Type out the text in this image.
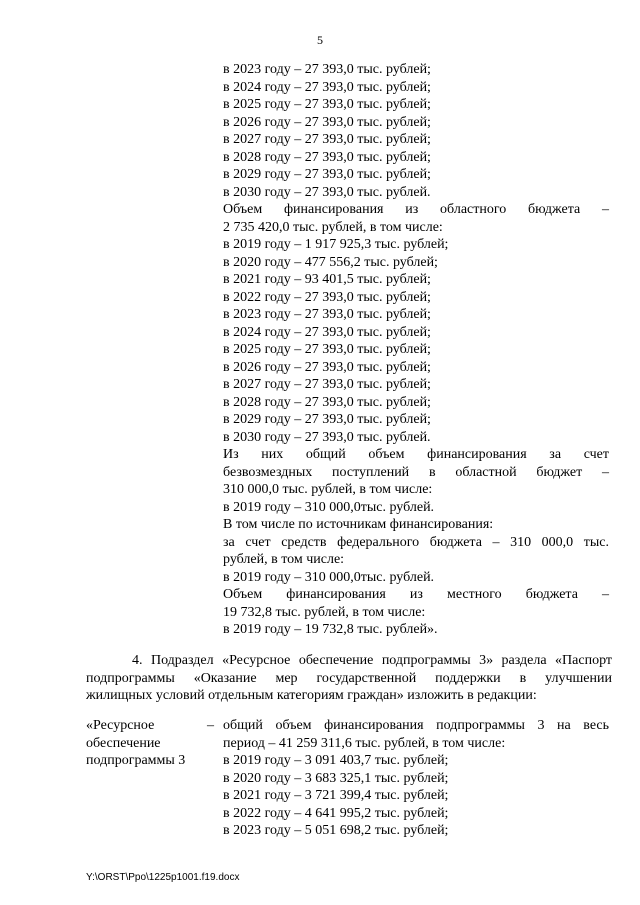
5
в 2023 году – 27 393,0 тыс. рублей;
в 2024 году – 27 393,0 тыс. рублей;
в 2025 году – 27 393,0 тыс. рублей;
в 2026 году – 27 393,0 тыс. рублей;
в 2027 году – 27 393,0 тыс. рублей;
в 2028 году – 27 393,0 тыс. рублей;
в 2029 году – 27 393,0 тыс. рублей;
в 2030 году – 27 393,0 тыс. рублей.
Объем финансирования из областного бюджета –
2 735 420,0 тыс. рублей, в том числе:
в 2019 году – 1 917 925,3 тыс. рублей;
в 2020 году – 477 556,2 тыс. рублей;
в 2021 году – 93 401,5 тыс. рублей;
в 2022 году – 27 393,0 тыс. рублей;
в 2023 году – 27 393,0 тыс. рублей;
в 2024 году – 27 393,0 тыс. рублей;
в 2025 году – 27 393,0 тыс. рублей;
в 2026 году – 27 393,0 тыс. рублей;
в 2027 году – 27 393,0 тыс. рублей;
в 2028 году – 27 393,0 тыс. рублей;
в 2029 году – 27 393,0 тыс. рублей;
в 2030 году – 27 393,0 тыс. рублей.
Из них общий объем финансирования за счет
безвозмездных поступлений в областной бюджет –
310 000,0 тыс. рублей, в том числе:
в 2019 году – 310 000,0тыс. рублей.
В том числе по источникам финансирования:
за счет средств федерального бюджета – 310 000,0 тыс.
рублей, в том числе:
в 2019 году – 310 000,0тыс. рублей.
Объем финансирования из местного бюджета –
19 732,8 тыс. рублей, в том числе:
в 2019 году – 19 732,8 тыс. рублей».
4. Подраздел «Ресурсное обеспечение подпрограммы 3» раздела «Паспорт
подпрограммы «Оказание мер государственной поддержки в улучшении
жилищных условий отдельным категориям граждан» изложить в редакции:
«Ресурсное
обеспечение
подпрограммы 3
– общий объем финансирования подпрограммы 3 на весь
период – 41 259 311,6 тыс. рублей, в том числе:
в 2019 году – 3 091 403,7 тыс. рублей;
в 2020 году – 3 683 325,1 тыс. рублей;
в 2021 году – 3 721 399,4 тыс. рублей;
в 2022 году – 4 641 995,2 тыс. рублей;
в 2023 году – 5 051 698,2 тыс. рублей;
Y:\ORST\Ppo\1225p1001.f19.docx
